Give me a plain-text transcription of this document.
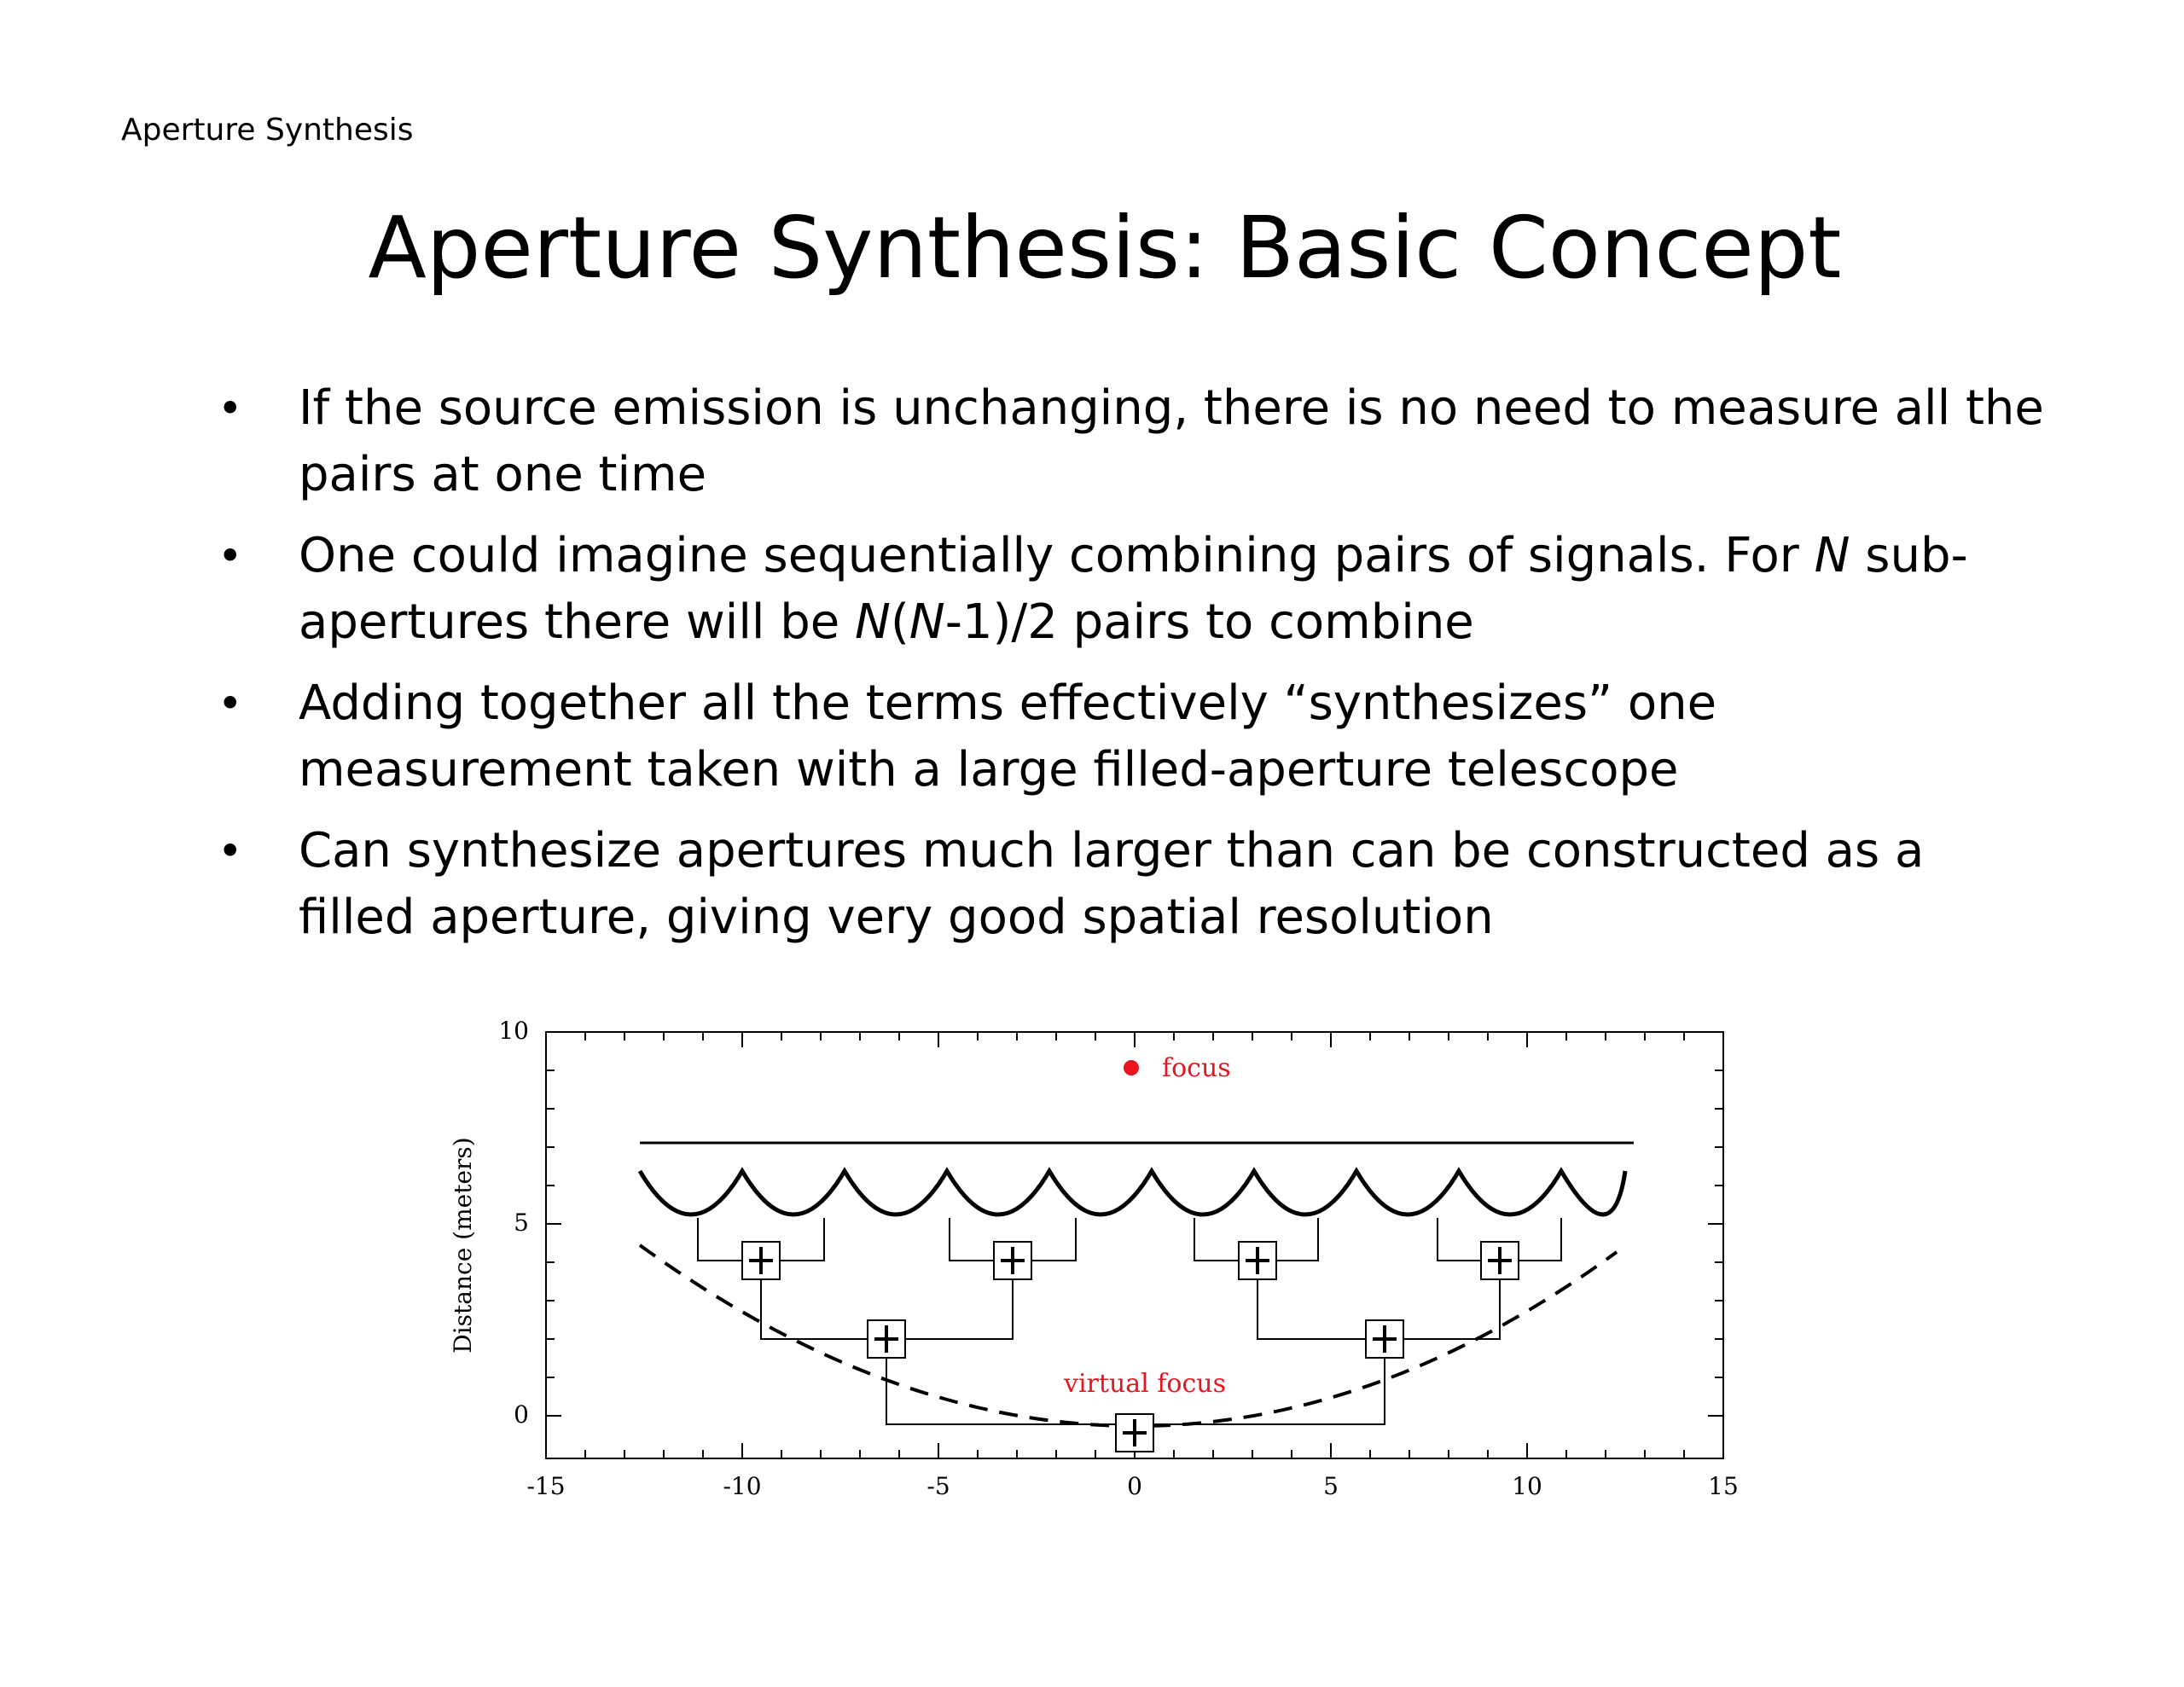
Aperture Synthesis
Aperture Synthesis: Basic Concept
• If the source emission is unchanging, there is no need to measure all the pairs at one time
• One could imagine sequentially combining pairs of signals. For N sub-apertures there will be N(N-1)/2 pairs to combine
• Adding together all the terms effectively “synthesizes” one measurement taken with a large filled-aperture telescope
• Can synthesize apertures much larger than can be constructed as a filled aperture, giving very good spatial resolution
Distance (meters)
-15	-10	-5	0	5	10	15
0
5
10
focus
virtual focus
